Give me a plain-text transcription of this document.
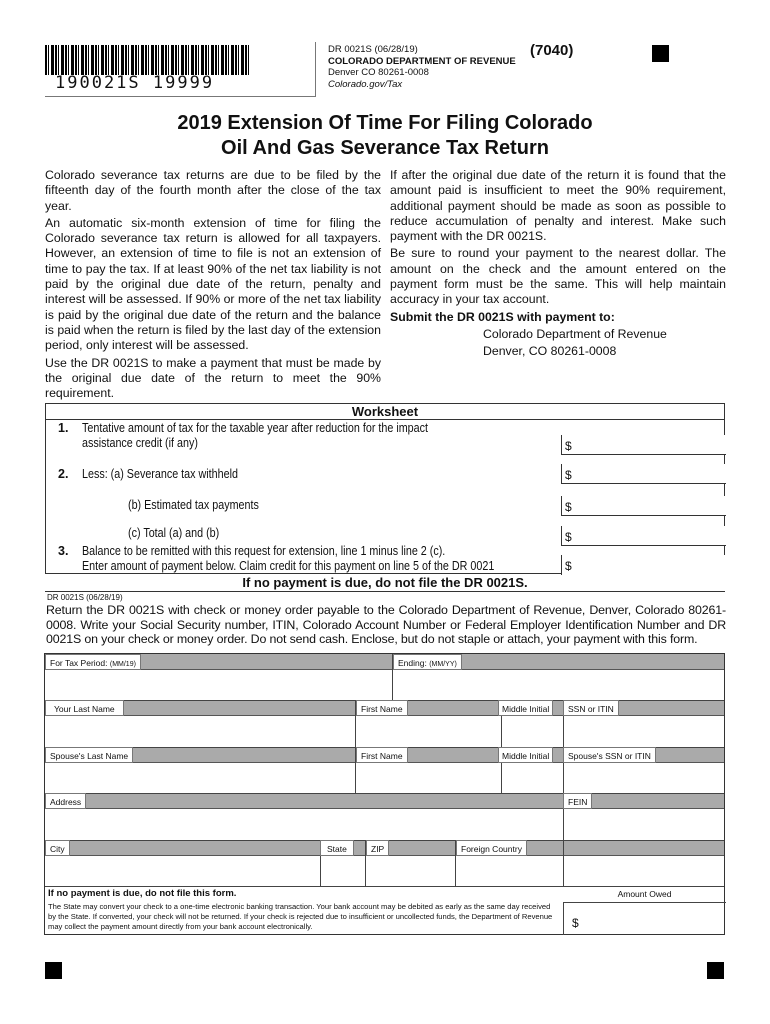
190021S 19999
DR 0021S (06/28/19)
COLORADO DEPARTMENT OF REVENUE
Denver CO 80261-0008
Colorado.gov/Tax
(7040)
2019 Extension Of Time For Filing Colorado
Oil And Gas Severance Tax Return

Colorado severance tax returns are due to be filed by the fifteenth day of the fourth month after the close of the tax year.

An automatic six-month extension of time for filing the Colorado severance tax return is allowed for all taxpayers. However, an extension of time to file is not an extension of time to pay the tax. If at least 90% of the net tax liability is not paid by the original due date of the return, penalty and interest will be assessed. If 90% or more of the net tax liability is paid by the original due date of the return and the balance is paid when the return is filed by the last day of the extension period, only interest will be assessed.

Use the DR 0021S to make a payment that must be made by the original due date of the return to meet the 90% requirement.

If after the original due date of the return it is found that the amount paid is insufficient to meet the 90% requirement, additional payment should be made as soon as possible to reduce accumulation of penalty and interest. Make such payment with the DR 0021S.

Be sure to round your payment to the nearest dollar. The amount on the check and the amount entered on the payment form must be the same. This will help maintain accuracy in your tax account.

Submit the DR 0021S with payment to:

Colorado Department of Revenue

Denver, CO 80261-0008

Worksheet
1. Tentative amount of tax for the taxable year after reduction for the impact
assistance credit (if any)	$
2. Less: (a) Severance tax withheld	$
(b) Estimated tax payments	$
(c) Total (a) and (b)	$
3. Balance to be remitted with this request for extension, line 1 minus line 2 (c).
Enter amount of payment below. Claim credit for this payment on line 5 of the DR 0021	$
If no payment is due, do not file the DR 0021S.
DR 0021S (06/28/19)
Return the DR 0021S with check or money order payable to the Colorado Department of Revenue, Denver, Colorado 80261-0008. Write your Social Security number, ITIN, Colorado Account Number or Federal Employer Identification Number and DR 0021S on your check or money order. Do not send cash. Enclose, but do not staple or attach, your payment with this form.
For Tax Period: (MM/19)	Ending: (MM/YY)
Your Last Name	First Name	Middle Initial	SSN or ITIN
Spouse's Last Name	First Name	Middle Initial	Spouse's SSN or ITIN
Address	FEIN
City	State	ZIP	Foreign Country
If no payment is due, do not file this form.
The State may convert your check to a one-time electronic banking transaction. Your bank account may be debited as early as the same day received by the State. If converted, your check will not be returned. If your check is rejected due to insufficient or uncollected funds, the Department of Revenue may collect the payment amount directly from your bank account electronically.
Amount Owed
$
